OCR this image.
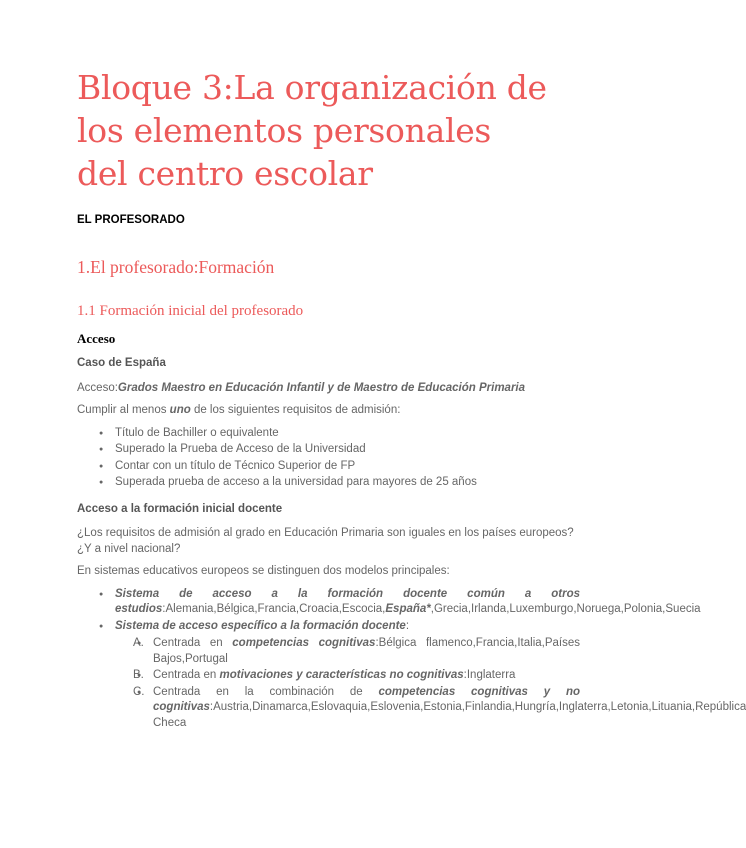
Bloque 3:La organización de
los elementos personales
del centro escolar

EL PROFESORADO

1.El profesorado:Formación
1.1 Formación inicial del profesorado
Acceso

Caso de España

Acceso:Grados Maestro en Educación Infantil y de Maestro de Educación Primaria

Cumplir al menos uno de los siguientes requisitos de admisión:

● Título de Bachiller o equivalente
● Superado la Prueba de Acceso de la Universidad
● Contar con un título de Técnico Superior de FP
● Superada prueba de acceso a la universidad para mayores de 25 años

Acceso a la formación inicial docente

¿Los requisitos de admisión al grado en Educación Primaria son iguales en los países europeos?¿Y a nivel nacional?

En sistemas educativos europeos se distinguen dos modelos principales:

● Sistema de acceso a la formación docente común a otros estudios:Alemania,Bélgica,Francia,Croacia,Escocia,España*,Grecia,Irlanda,Luxemburgo,Noruega,Polonia,Suecia
● Sistema de acceso específico a la formación docente:
● A. Centrada en competencias cognitivas:Bélgica flamenco,Francia,Italia,Países Bajos,Portugal
● B. Centrada en motivaciones y características no cognitivas:Inglaterra
● C. Centrada en la combinación de competencias cognitivas y no cognitivas:Austria,Dinamarca,Eslovaquia,Eslovenia,Estonia,Finlandia,Hungría,Inglaterra,Letonia,Lituania,República Checa
